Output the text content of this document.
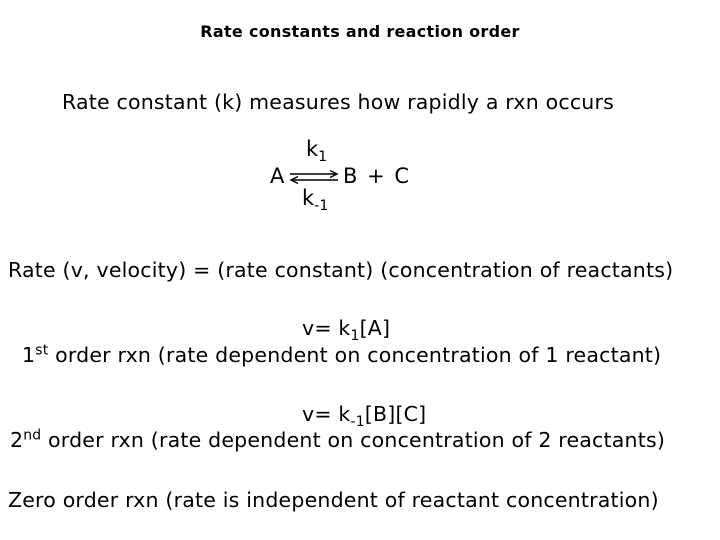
Rate constants and reaction order
Rate constant (k) measures how rapidly a rxn occurs
$k_1$
A ⇌ B + C
$k_{-1}$
Rate (v, velocity) = (rate constant) (concentration of reactants)
$v= k_1[A]$
1st order rxn (rate dependent on concentration of 1 reactant)
$v= k_{-1}[B][C]$
2nd order rxn (rate dependent on concentration of 2 reactants)
Zero order rxn (rate is independent of reactant concentration)
